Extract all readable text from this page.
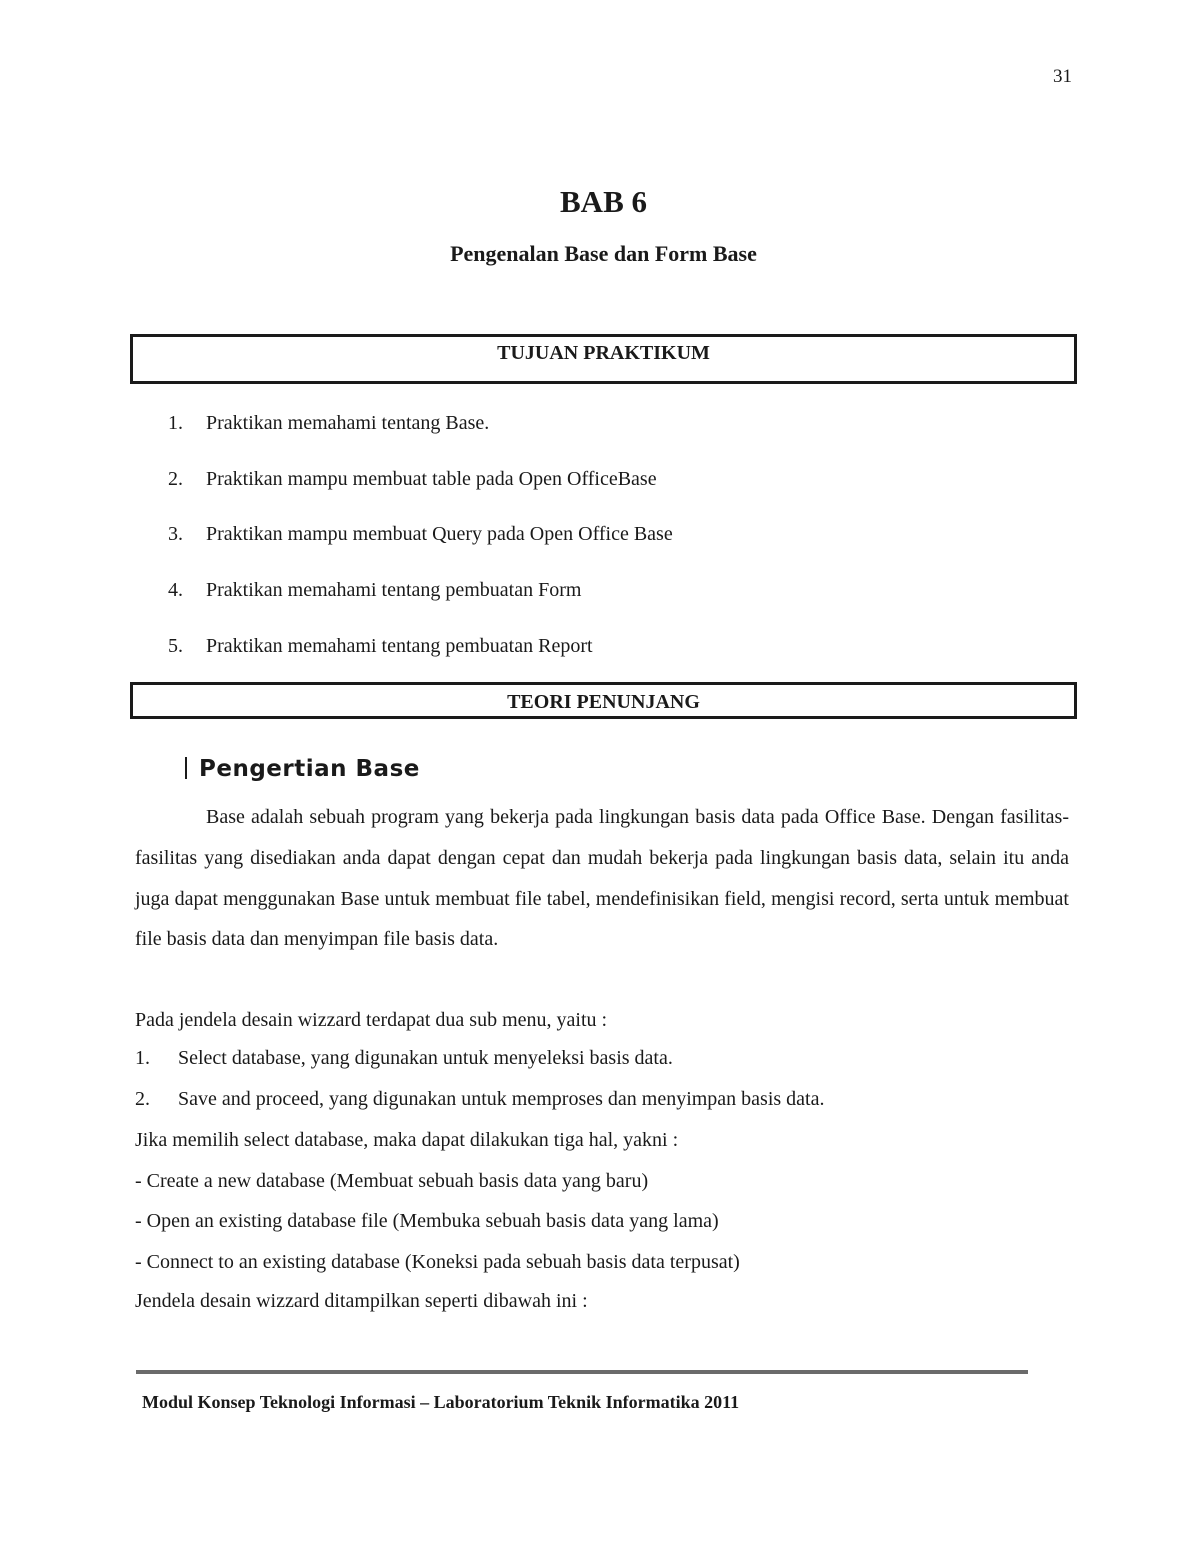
31
BAB 6
Pengenalan Base dan Form Base
TUJUAN PRAKTIKUM
1. Praktikan memahami tentang Base.
2. Praktikan mampu membuat table pada Open OfficeBase
3. Praktikan mampu membuat Query pada Open Office Base
4. Praktikan memahami tentang pembuatan Form
5. Praktikan memahami tentang pembuatan Report
TEORI PENUNJANG
Pengertian Base

Base adalah sebuah program yang bekerja pada lingkungan basis data pada Office Base. Dengan fasilitas-fasilitas yang disediakan anda dapat dengan cepat dan mudah bekerja pada lingkungan basis data, selain itu anda juga dapat menggunakan Base untuk membuat file tabel, mendefinisikan field, mengisi record, serta untuk membuat file basis data dan menyimpan file basis data.

Pada jendela desain wizzard terdapat dua sub menu, yaitu :
1. Select database, yang digunakan untuk menyeleksi basis data.
2. Save and proceed, yang digunakan untuk memproses dan menyimpan basis data.
Jika memilih select database, maka dapat dilakukan tiga hal, yakni :
- Create a new database (Membuat sebuah basis data yang baru)
- Open an existing database file (Membuka sebuah basis data yang lama)
- Connect to an existing database (Koneksi pada sebuah basis data terpusat)
Jendela desain wizzard ditampilkan seperti dibawah ini :
Modul Konsep Teknologi Informasi – Laboratorium Teknik Informatika 2011
